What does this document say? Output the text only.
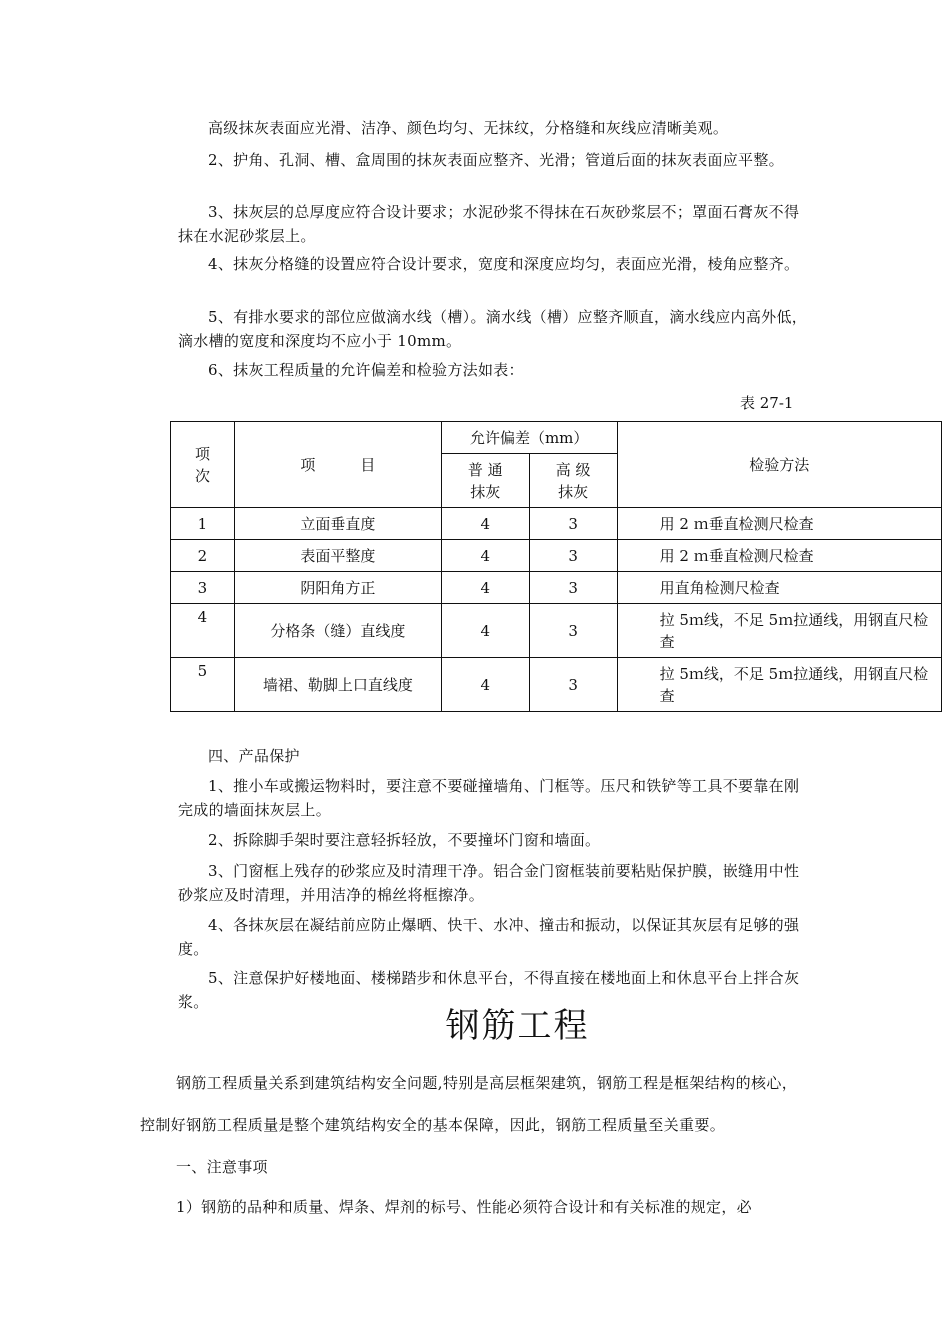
高级抹灰表面应光滑、洁净、颜色均匀、无抹纹，分格缝和灰线应清晰美观。

2、护角、孔洞、槽、盒周围的抹灰表面应整齐、光滑；管道后面的抹灰表面应平整。

3、抹灰层的总厚度应符合设计要求；水泥砂浆不得抹在石灰砂浆层不；罩面石膏灰不得抹在水泥砂浆层上。

4、抹灰分格缝的设置应符合设计要求，宽度和深度应均匀，表面应光滑，棱角应整齐。

5、有排水要求的部位应做滴水线（槽）。滴水线（槽）应整齐顺直，滴水线应内高外低，滴水槽的宽度和深度均不应小于 10mm。

6、抹灰工程质量的允许偏差和检验方法如表：

表 27-1
项次	项　　　目	允许偏差（mm）		检验方法
		普 通 抹灰	高 级 抹灰	
1	立面垂直度	4	3	用 2 ｍ垂直检测尺检查
2	表面平整度	4	3	用 2 ｍ垂直检测尺检查
3	阴阳角方正	4	3	用直角检测尺检查
4	分格条（缝）直线度	4	3	拉 5ｍ线，不足 5ｍ拉通线，用钢直尺检查
5	墙裙、勒脚上口直线度	4	3	拉 5ｍ线，不足 5ｍ拉通线，用钢直尺检查

四、产品保护

1、推小车或搬运物料时，要注意不要碰撞墙角、门框等。压尺和铁铲等工具不要靠在刚完成的墙面抹灰层上。

2、拆除脚手架时要注意轻拆轻放，不要撞坏门窗和墙面。

3、门窗框上残存的砂浆应及时清理干净。铝合金门窗框装前要粘贴保护膜，嵌缝用中性砂浆应及时清理，并用洁净的棉丝将框擦净。

4、各抹灰层在凝结前应防止爆晒、快干、水冲、撞击和振动，以保证其灰层有足够的强度。

5、注意保护好楼地面、楼梯踏步和休息平台，不得直接在楼地面上和休息平台上拌合灰浆。

钢筋工程

钢筋工程质量关系到建筑结构安全问题,特别是高层框架建筑，钢筋工程是框架结构的核心，控制好钢筋工程质量是整个建筑结构安全的基本保障，因此，钢筋工程质量至关重要。

一、注意事项

1）钢筋的品种和质量、焊条、焊剂的标号、性能必须符合设计和有关标准的规定，必
